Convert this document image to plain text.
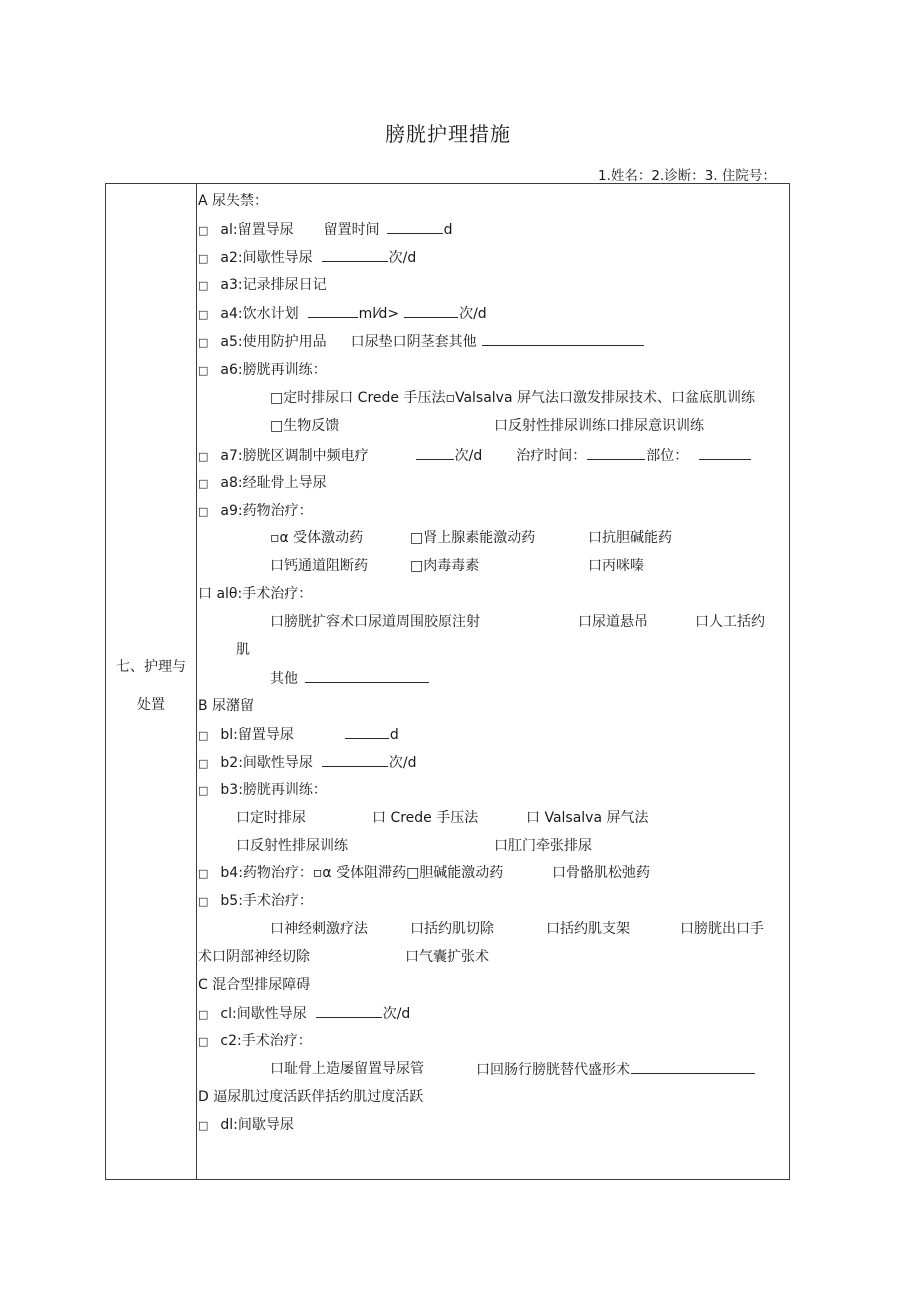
膀胱护理措施
1.姓名：2.诊断：3. 住院号：
七、护理与
处置
A 尿失禁：
□ al:留置导尿 留置时间	d
□ a2:间歇性导尿	次/d
□ a3:记录排尿日记
□ a4:饮水计划	ml⁄d>	次/d
□ a5:使用防护用品 口尿垫口阴茎套其他
□ a6:膀胱再训练：
□定时排尿口 Crede 手压法▫Valsalva 屏气法口激发排尿技术、口盆底肌训练
□生物反馈	口反射性排尿训练口排尿意识训练
□ a7:膀胱区调制中频电疗	次/d 治疗时间：	部位：
□ a8:经耻骨上导尿
□ a9:药物治疗：
▫α 受体激动药	□肾上腺素能激动药	口抗胆碱能药
口钙通道阻断药	□肉毒毒素	口丙咪嗪
口 alθ:手术治疗：
口膀胱扩容术口尿道周围胶原注射	口尿道悬吊	口人工括约
肌
其他
B 尿潴留
□ bl:留置导尿	d
□ b2:间歇性导尿	次/d
□ b3:膀胱再训练：
口定时排尿	口 Crede 手压法	口 Valsalva 屏气法
口反射性排尿训练	口肛门牵张排尿
□ b4:药物治疗：▫α 受体阻滞药□胆碱能激动药	口骨骼肌松弛药
□ b5:手术治疗：
口神经刺激疗法	口括约肌切除	口括约肌支架	口膀胱出口手
术口阴部神经切除	口气囊扩张术
C 混合型排尿障碍
□ cl:间歇性导尿	次/d
□ c2:手术治疗：
口耻骨上造屡留置导尿管	口回肠行膀胱替代盛形术
D 逼尿肌过度活跃伴括约肌过度活跃
□ dl:间歇导尿
